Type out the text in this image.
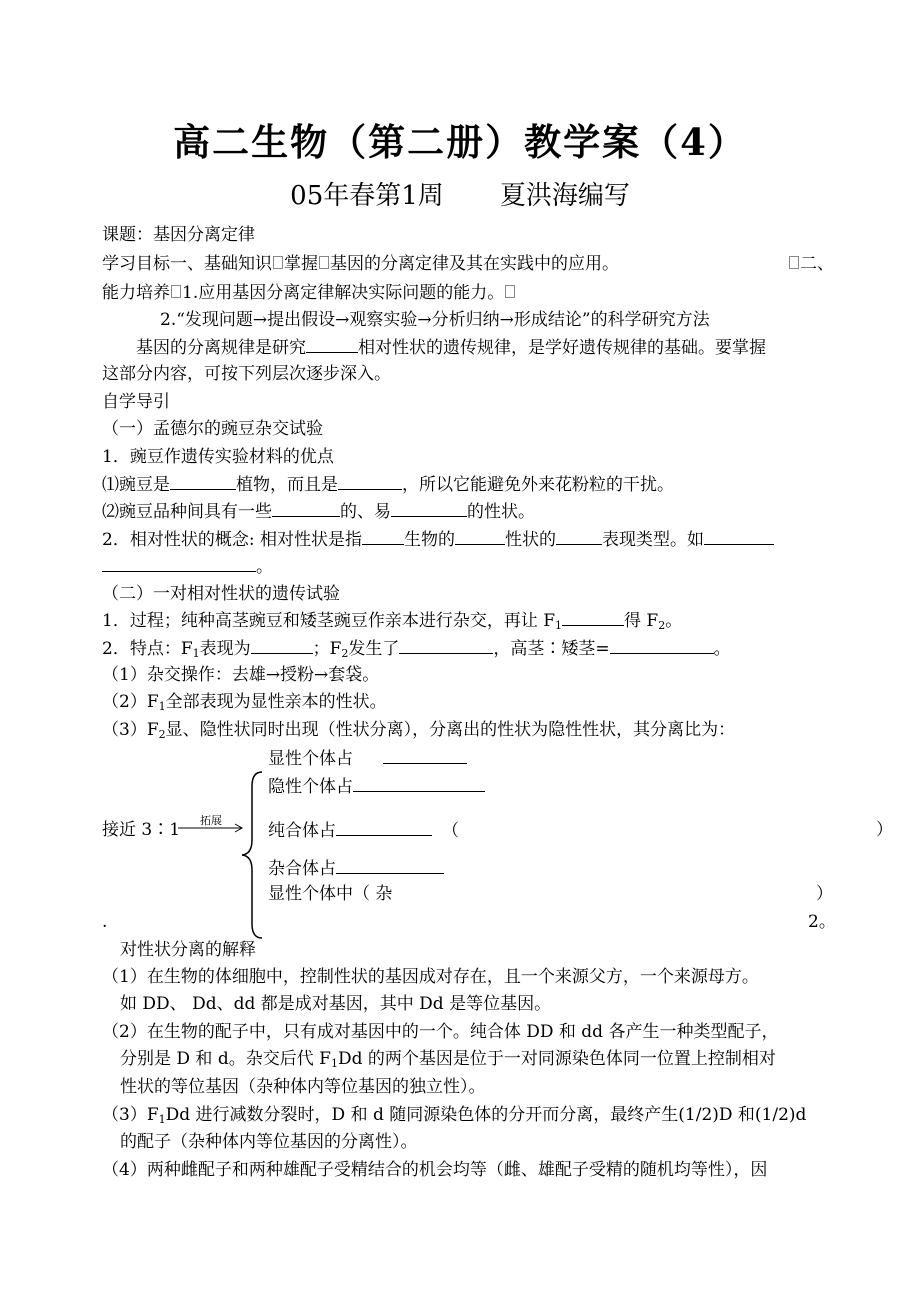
高二生物（第二册）教学案（4）
05年春第1周 夏洪海编写
课题：基因分离定律
学习目标一、基础知识 掌握 基因的分离定律及其在实践中的应用。	二、
能力培养 1.应用基因分离定律解决实际问题的能力。
2.“发现问题→提出假设→观察实验→分析归纳→形成结论”的科学研究方法
基因的分离规律是研究	相对性状的遗传规律，是学好遗传规律的基础。要掌握
这部分内容，可按下列层次逐步深入。
自学导引
（一）孟德尔的豌豆杂交试验
1．豌豆作遗传实验材料的优点
⑴豌豆是	植物，而且是	，所以它能避免外来花粉粒的干扰。
⑵豌豆品种间具有一些	的、易	的性状。
2．相对性状的概念: 相对性状是指 生物的	性状的	表现类型。如
。
（二）一对相对性状的遗传试验
1．过程；纯种高茎豌豆和矮茎豌豆作亲本进行杂交，再让 $F_1$	得 $F_2$。
2．特点：$F_1$表现为	；$F_2$发生了	，高茎∶矮茎=	。
（1）杂交操作：去雄→授粉→套袋。
$(2)F_1$全部表现为显性亲本的性状。
$(3)F_2$显、隐性状同时出现（性状分离），分离出的性状为隐性性状，其分离比为：
显性个体占
隐性个体占
接近 3∶1 拓展
纯合体占	（	）
杂合体占
显性个体中（ 杂	）
.	2。
对性状分离的解释
（1）在生物的体细胞中，控制性状的基因成对存在，且一个来源父方，一个来源母方。
如 DD、 Dd、dd 都是成对基因，其中 Dd 是等位基因。
（2）在生物的配子中，只有成对基因中的一个。纯合体 DD 和 dd 各产生一种类型配子，
分别是 D 和 d。杂交后代 $F_1Dd$ 的两个基因是位于一对同源染色体同一位置上控制相对
性状的等位基因（杂种体内等位基因的独立性）。
$(3)F_1Dd$ 进行减数分裂时，D 和 d 随同源染色体的分开而分离，最终产生(1/2)D 和(1/2)d
的配子（杂种体内等位基因的分离性）。
（4）两种雌配子和两种雄配子受精结合的机会均等（雌、雄配子受精的随机均等性），因
